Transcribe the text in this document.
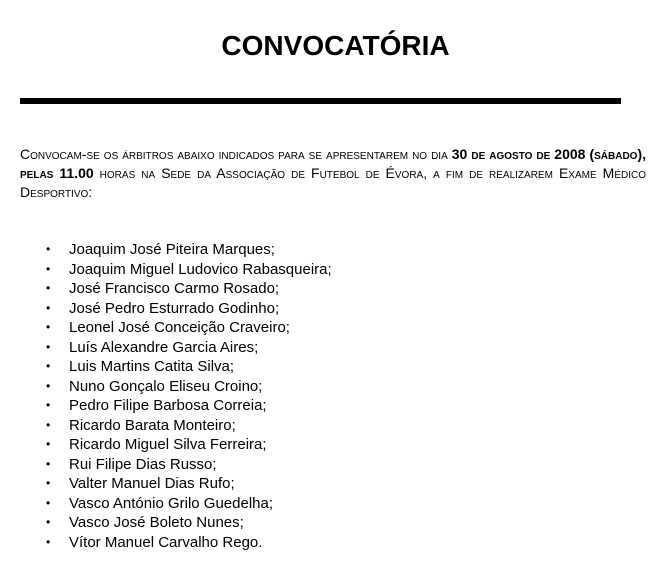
CONVOCATÓRIA

Convocam-se os árbitros abaixo indicados para se apresentarem no dia 30 de agosto de 2008 (sábado), pelas 11.00 horas na Sede da Associação de Futebol de Évora, a fim de realizarem Exame Médico Desportivo:

• Joaquim José Piteira Marques;
• Joaquim Miguel Ludovico Rabasqueira;
• José Francisco Carmo Rosado;
• José Pedro Esturrado Godinho;
• Leonel José Conceição Craveiro;
• Luís Alexandre Garcia Aires;
• Luis Martins Catita Silva;
• Nuno Gonçalo Eliseu Croino;
• Pedro Filipe Barbosa Correia;
• Ricardo Barata Monteiro;
• Ricardo Miguel Silva Ferreira;
• Rui Filipe Dias Russo;
• Valter Manuel Dias Rufo;
• Vasco António Grilo Guedelha;
• Vasco José Boleto Nunes;
• Vítor Manuel Carvalho Rego.
